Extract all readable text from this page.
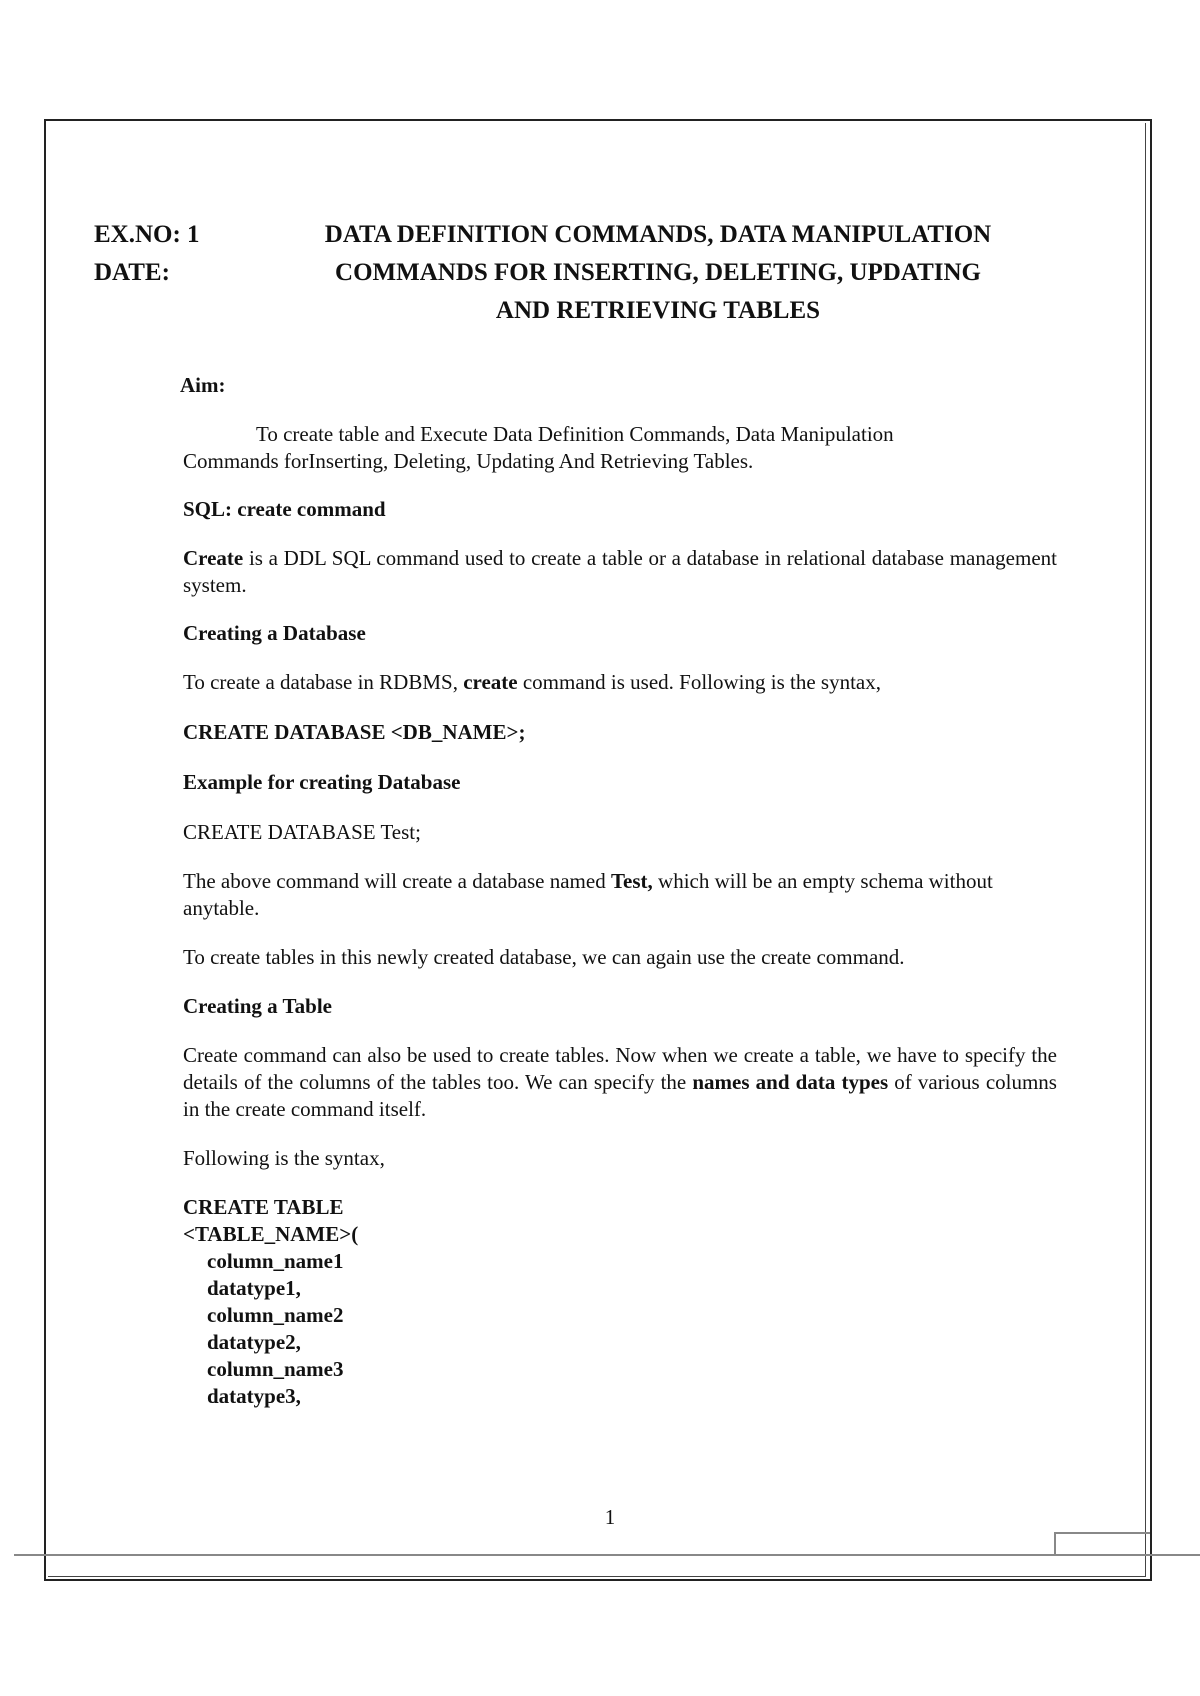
EX.NO: 1
DATE:
DATA DEFINITION COMMANDS, DATA MANIPULATION
COMMANDS FOR INSERTING, DELETING, UPDATING
AND RETRIEVING TABLES

Aim:

To create table and Execute Data Definition Commands, Data Manipulation
Commands forInserting, Deleting, Updating And Retrieving Tables.

SQL: create command

Create is a DDL SQL command used to create a table or a database in relational database management system.

Creating a Database

To create a database in RDBMS, create command is used. Following is the syntax,

CREATE DATABASE <DB_NAME>;

Example for creating Database

CREATE DATABASE Test;

The above command will create a database named Test, which will be an empty schema without anytable.

To create tables in this newly created database, we can again use the create command.

Creating a Table

Create command can also be used to create tables. Now when we create a table, we have to specify the details of the columns of the tables too. We can specify the names and data types of various columns in the create command itself.

Following is the syntax,

CREATE TABLE
<TABLE_NAME>(
column_name1
datatype1,
column_name2
datatype2,
column_name3
datatype3,
1
